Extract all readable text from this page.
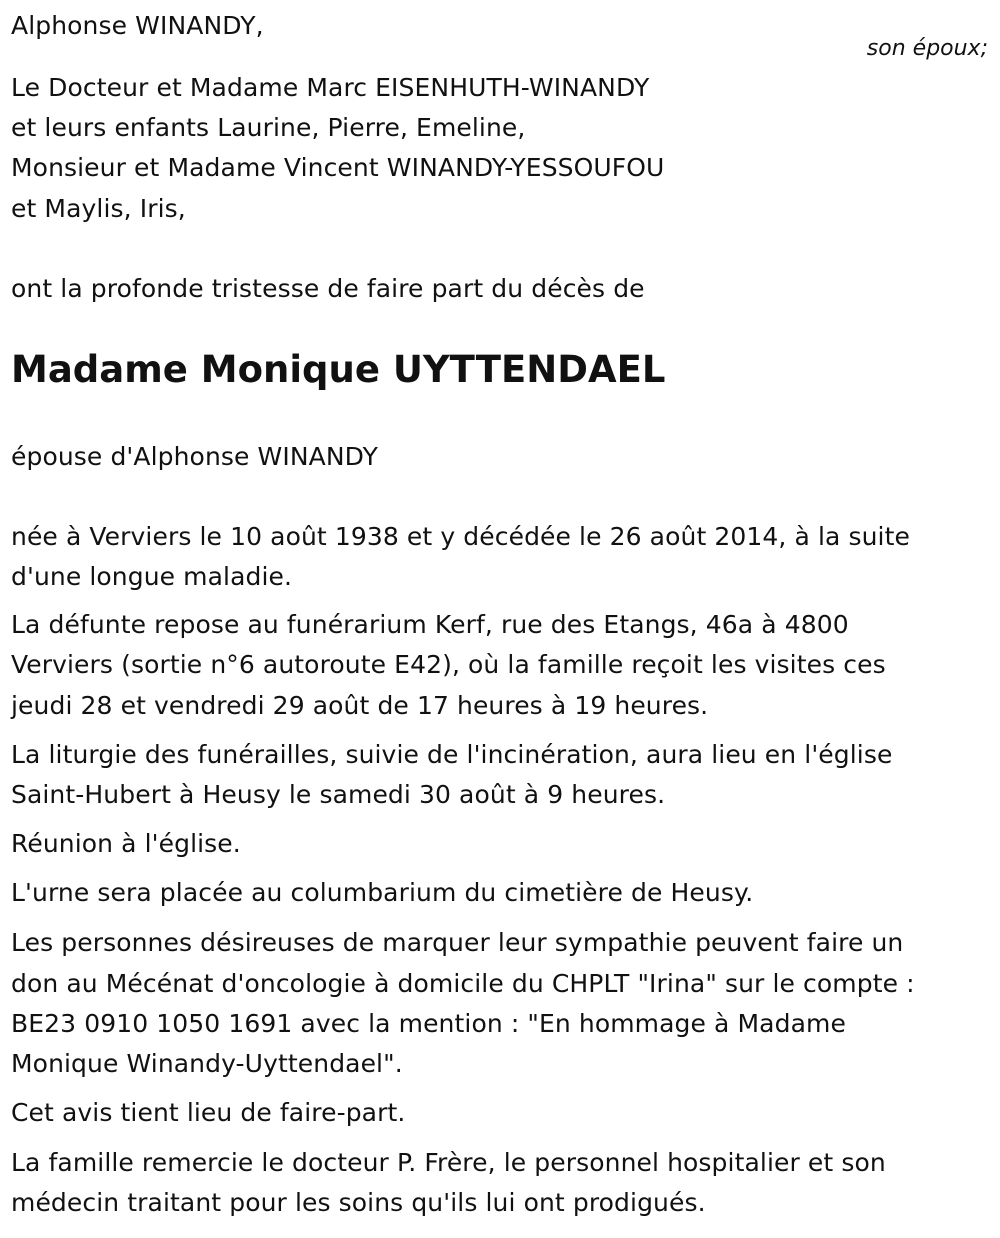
Alphonse WINANDY,
son époux;
Le Docteur et Madame Marc EISENHUTH-WINANDY
et leurs enfants Laurine, Pierre, Emeline,
Monsieur et Madame Vincent WINANDY-YESSOUFOU
et Maylis, Iris,
ont la profonde tristesse de faire part du décès de
Madame Monique UYTTENDAEL
épouse d'Alphonse WINANDY
née à Verviers le 10 août 1938 et y décédée le 26 août 2014, à la suite
d'une longue maladie.
La défunte repose au funérarium Kerf, rue des Etangs, 46a à 4800
Verviers (sortie n°6 autoroute E42), où la famille reçoit les visites ces
jeudi 28 et vendredi 29 août de 17 heures à 19 heures.
La liturgie des funérailles, suivie de l'incinération, aura lieu en l'église
Saint-Hubert à Heusy le samedi 30 août à 9 heures.
Réunion à l'église.
L'urne sera placée au columbarium du cimetière de Heusy.
Les personnes désireuses de marquer leur sympathie peuvent faire un
don au Mécénat d'oncologie à domicile du CHPLT "Irina" sur le compte :
BE23 0910 1050 1691 avec la mention : "En hommage à Madame
Monique Winandy-Uyttendael".
Cet avis tient lieu de faire-part.
La famille remercie le docteur P. Frère, le personnel hospitalier et son
médecin traitant pour les soins qu'ils lui ont prodigués.
